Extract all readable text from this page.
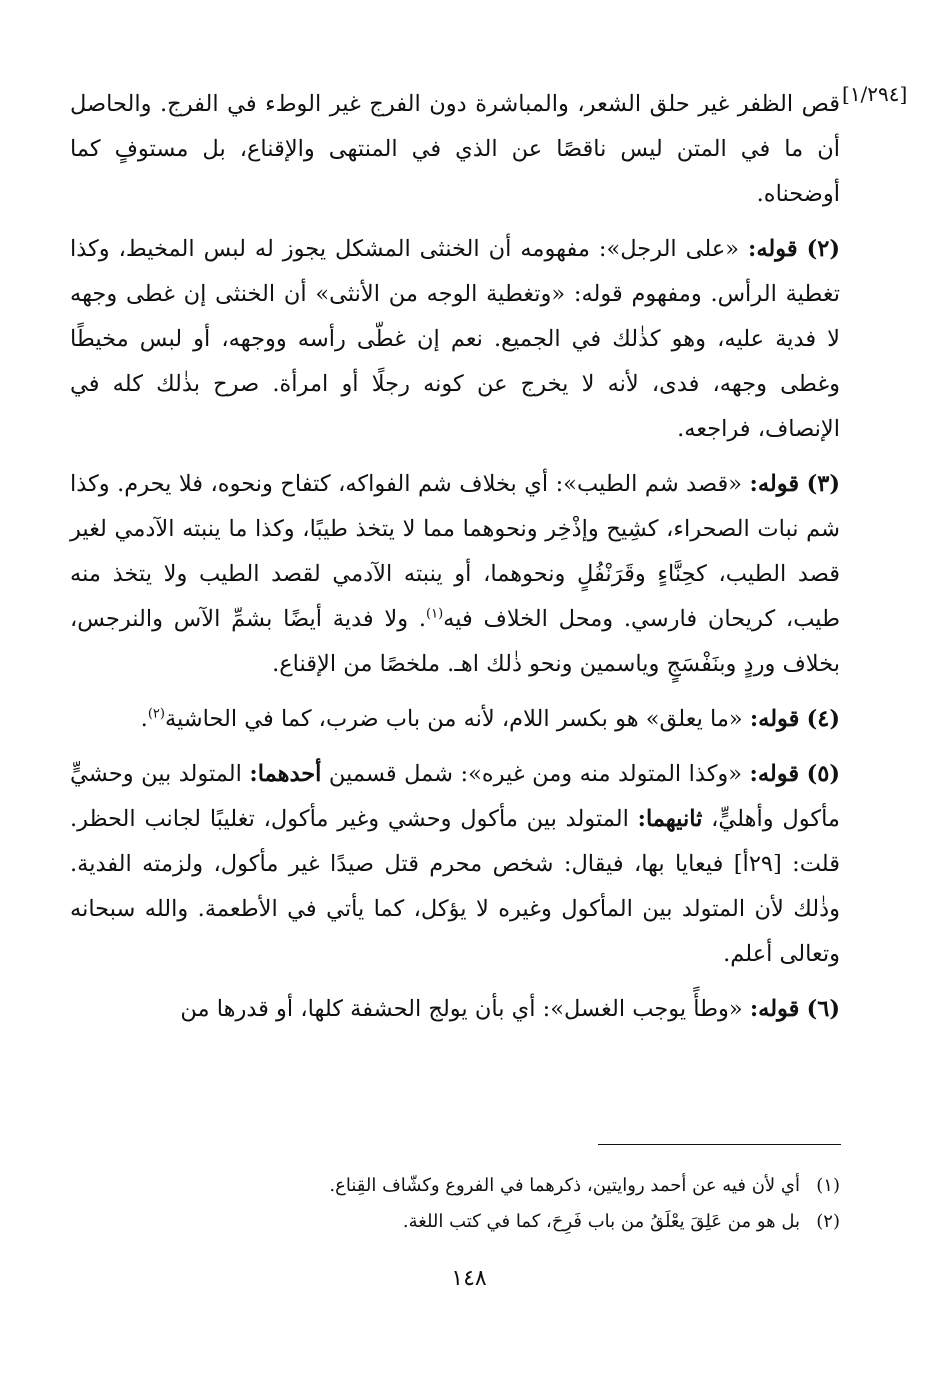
[١/٢٩٤]

قص الظفر غير حلق الشعر، والمباشرة دون الفرج غير الوطء في الفرج. والحاصل أن ما في المتن ليس ناقصًا عن الذي في المنتهى والإقناع، بل مستوفٍ كما أوضحناه.

(٢) قوله: «على الرجل»: مفهومه أن الخنثى المشكل يجوز له لبس المخيط، وكذا تغطية الرأس. ومفهوم قوله: «وتغطية الوجه من الأنثى» أن الخنثى إن غطى وجهه لا فدية عليه، وهو كذٰلك في الجميع. نعم إن غطّى رأسه ووجهه، أو لبس مخيطًا وغطى وجهه، فدى، لأنه لا يخرج عن كونه رجلًا أو امرأة. صرح بذٰلك كله في الإنصاف، فراجعه.

(٣) قوله: «قصد شم الطيب»: أي بخلاف شم الفواكه، كتفاح ونحوه، فلا يحرم. وكذا شم نبات الصحراء، كشِيح وإذْخِر ونحوهما مما لا يتخذ طيبًا، وكذا ما ينبته الآدمي لغير قصد الطيب، كحِنَّاءٍ وقَرَنْفُلٍ ونحوهما، أو ينبته الآدمي لقصد الطيب ولا يتخذ منه طيب، كريحان فارسي. ومحل الخلاف فيه$^{(١)}$. ولا فدية أيضًا بشمِّ الآس والنرجس، بخلاف وردٍ وبنَفْسَجٍ وياسمين ونحو ذٰلك اهـ. ملخصًا من الإقناع.

(٤) قوله: «ما يعلق» هو بكسر اللام، لأنه من باب ضرب، كما في الحاشية$^{(٢)}$.

(٥) قوله: «وكذا المتولد منه ومن غيره»: شمل قسمين أحدهما: المتولد بين وحشيٍّ مأكول وأهليٍّ، ثانيهما: المتولد بين مأكول وحشي وغير مأكول، تغليبًا لجانب الحظر. قلت: [٢٩أ] فيعايا بها، فيقال: شخص محرم قتل صيدًا غير مأكول، ولزمته الفدية. وذٰلك لأن المتولد بين المأكول وغيره لا يؤكل، كما يأتي في الأطعمة. والله سبحانه وتعالى أعلم.

(٦) قوله: «وطأً يوجب الغسل»: أي بأن يولج الحشفة كلها، أو قدرها من

(١)أي لأن فيه عن أحمد روايتين، ذكرهما في الفروع وكشّاف القِناع.

(٢)بل هو من عَلِقَ يعْلَقُ من باب فَرِحَ، كما في كتب اللغة.

١٤٨
